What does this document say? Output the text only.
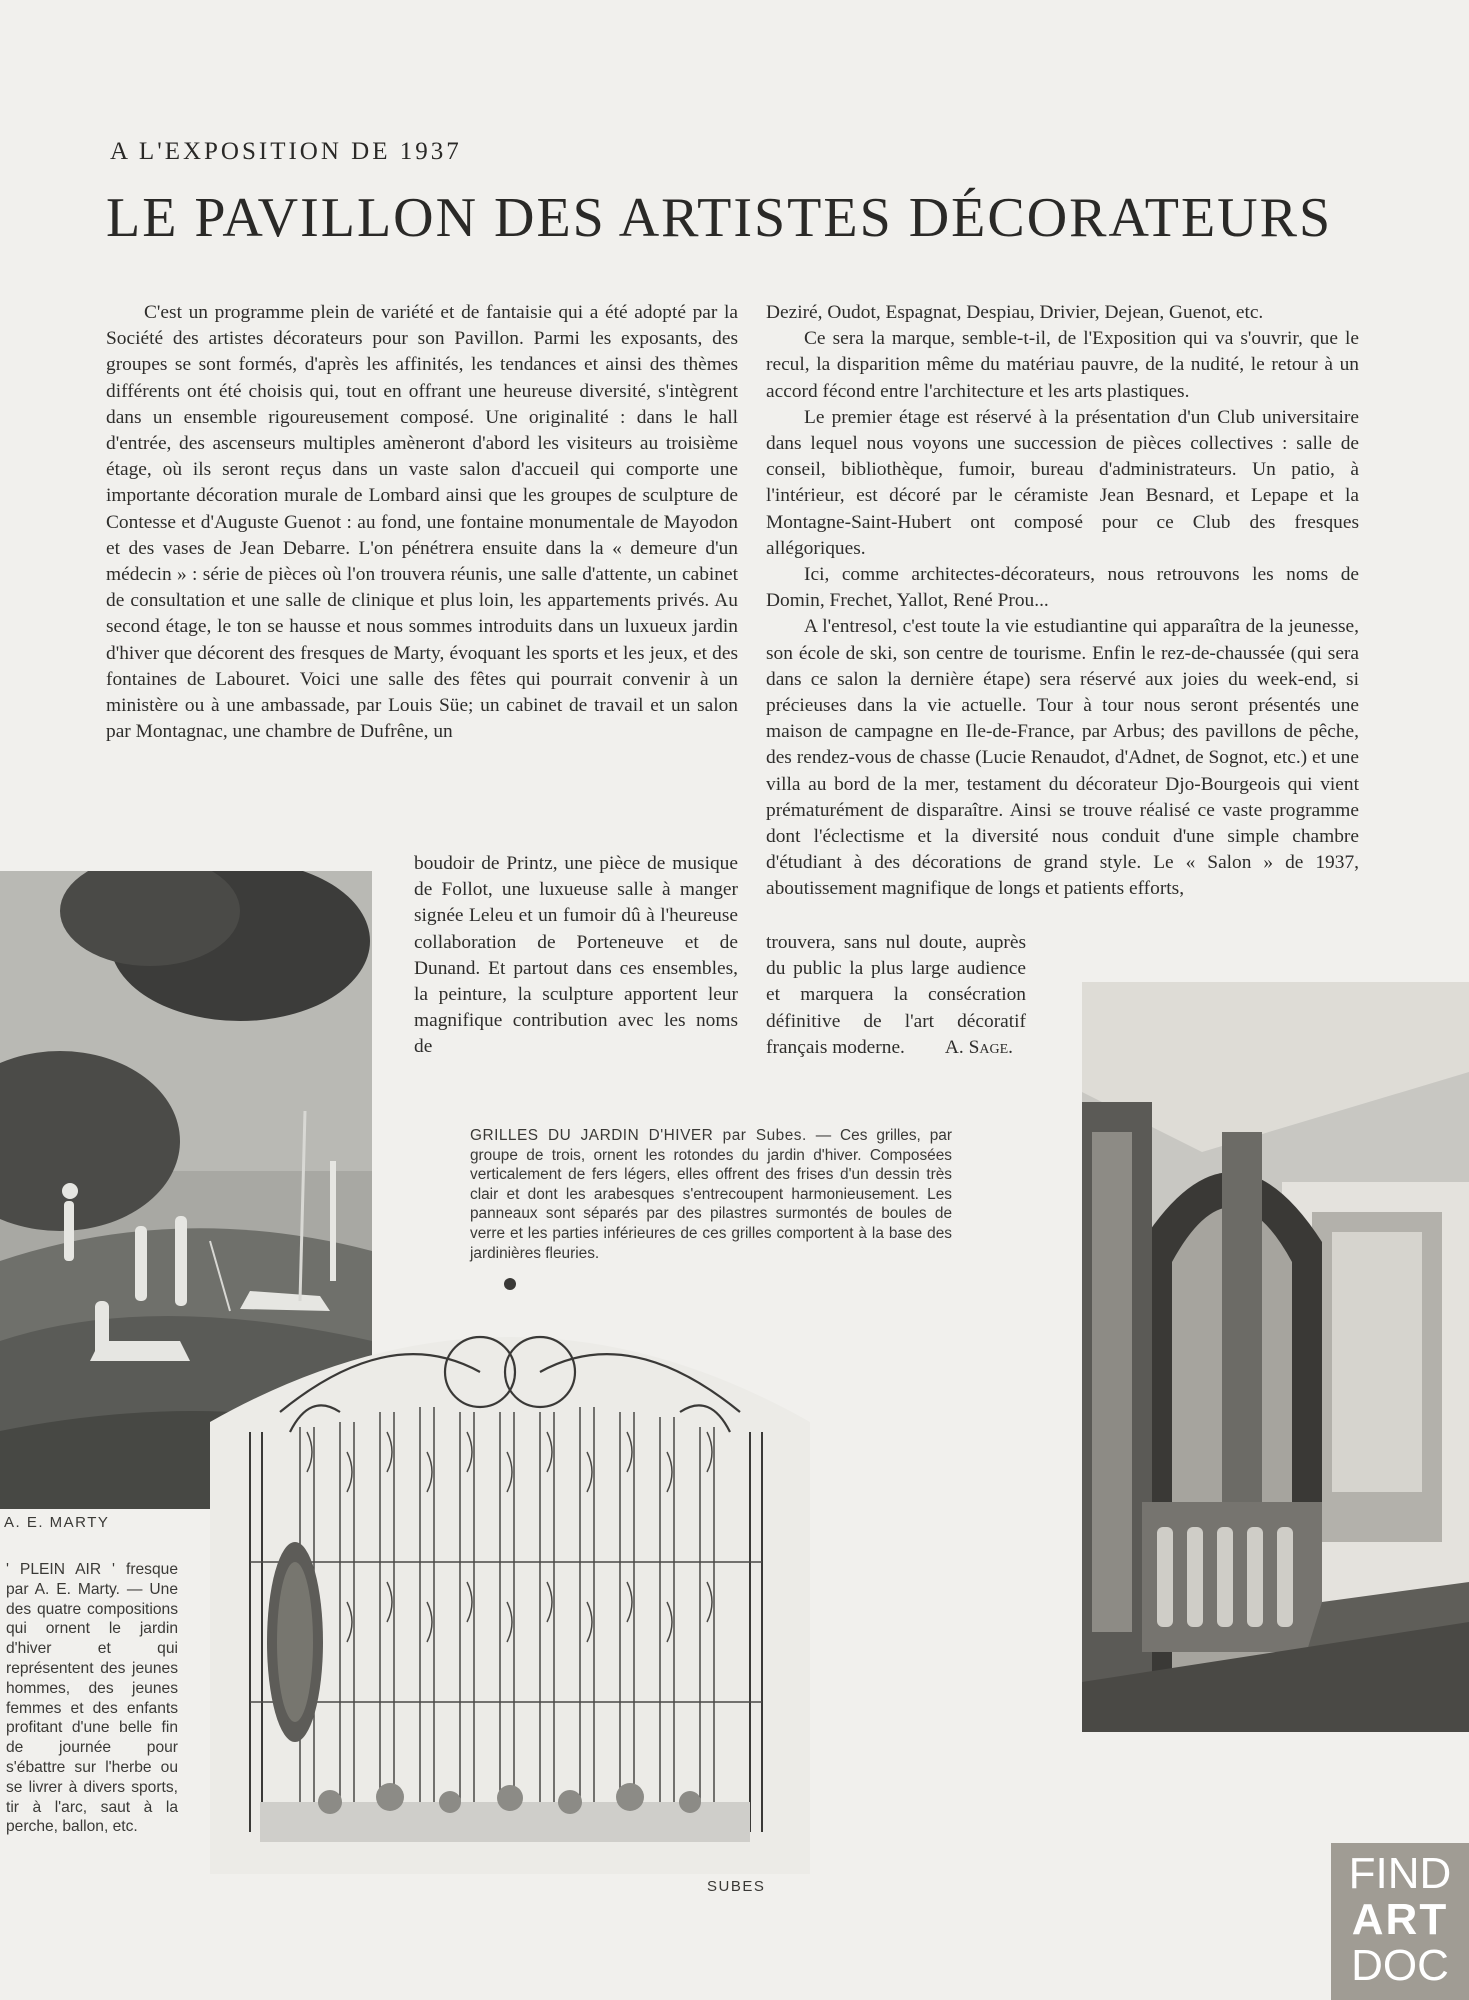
A L'EXPOSITION DE 1937
LE PAVILLON DES ARTISTES DÉCORATEURS

C'est un programme plein de variété et de fantaisie qui a été adopté par la Société des artistes décorateurs pour son Pavillon. Parmi les exposants, des groupes se sont formés, d'après les affinités, les tendances et ainsi des thèmes différents ont été choisis qui, tout en offrant une heureuse diversité, s'intègrent dans un ensemble rigoureusement composé. Une originalité : dans le hall d'entrée, des ascenseurs multiples amèneront d'abord les visiteurs au troisième étage, où ils seront reçus dans un vaste salon d'accueil qui comporte une importante décoration murale de Lombard ainsi que les groupes de sculpture de Contesse et d'Auguste Guenot : au fond, une fontaine monumentale de Mayodon et des vases de Jean Debarre. L'on pénétrera ensuite dans la « demeure d'un médecin » : série de pièces où l'on trouvera réunis, une salle d'attente, un cabinet de consultation et une salle de clinique et plus loin, les appartements privés. Au second étage, le ton se hausse et nous sommes introduits dans un luxueux jardin d'hiver que décorent des fresques de Marty, évoquant les sports et les jeux, et des fontaines de Labouret. Voici une salle des fêtes qui pourrait convenir à un ministère ou à une ambassade, par Louis Süe; un cabinet de travail et un salon par Montagnac, une chambre de Dufrêne, un

boudoir de Printz, une pièce de musique de Follot, une luxueuse salle à manger signée Leleu et un fumoir dû à l'heureuse collaboration de Porteneuve et de Dunand. Et partout dans ces ensembles, la peinture, la sculpture apportent leur magnifique contribution avec les noms de

Deziré, Oudot, Espagnat, Despiau, Drivier, Dejean, Guenot, etc.

Ce sera la marque, semble-t-il, de l'Exposition qui va s'ouvrir, que le recul, la disparition même du matériau pauvre, de la nudité, le retour à un accord fécond entre l'architecture et les arts plastiques.

Le premier étage est réservé à la présentation d'un Club universitaire dans lequel nous voyons une succession de pièces collectives : salle de conseil, bibliothèque, fumoir, bureau d'administrateurs. Un patio, à l'intérieur, est décoré par le céramiste Jean Besnard, et Lepape et la Montagne-Saint-Hubert ont composé pour ce Club des fresques allégoriques.

Ici, comme architectes-décorateurs, nous retrouvons les noms de Domin, Frechet, Yallot, René Prou...

A l'entresol, c'est toute la vie estudiantine qui apparaîtra de la jeunesse, son école de ski, son centre de tourisme. Enfin le rez-de-chaussée (qui sera dans ce salon la dernière étape) sera réservé aux joies du week-end, si précieuses dans la vie actuelle. Tour à tour nous seront présentés une maison de campagne en Ile-de-France, par Arbus; des pavillons de pêche, des rendez-vous de chasse (Lucie Renaudot, d'Adnet, de Sognot, etc.) et une villa au bord de la mer, testament du décorateur Djo-Bourgeois qui vient prématurément de disparaître. Ainsi se trouve réalisé ce vaste programme dont l'éclectisme et la diversité nous conduit d'une simple chambre d'étudiant à des décorations de grand style. Le « Salon » de 1937, aboutissement magnifique de longs et patients efforts,

trouvera, sans nul doute, auprès du public la plus large audience et marquera la consécration définitive de l'art décoratif français moderne. A. Sage.

A. E. MARTY
' PLEIN AIR ' fresque par A. E. Marty. — Une des quatre compositions qui ornent le jardin d'hiver et qui représentent des jeunes hommes, des jeunes femmes et des enfants profitant d'une belle fin de journée pour s'ébattre sur l'herbe ou se livrer à divers sports, tir à l'arc, saut à la perche, ballon, etc.
GRILLES DU JARDIN D'HIVER par Subes. — Ces grilles, par groupe de trois, ornent les rotondes du jardin d'hiver. Composées verticalement de fers légers, elles offrent des frises d'un dessin très clair et dont les arabesques s'entrecoupent harmonieusement. Les panneaux sont séparés par des pilastres surmontés de boules de verre et les parties inférieures de ces grilles comportent à la base des jardinières fleuries.
SUBES	FIND
ART
DOC
